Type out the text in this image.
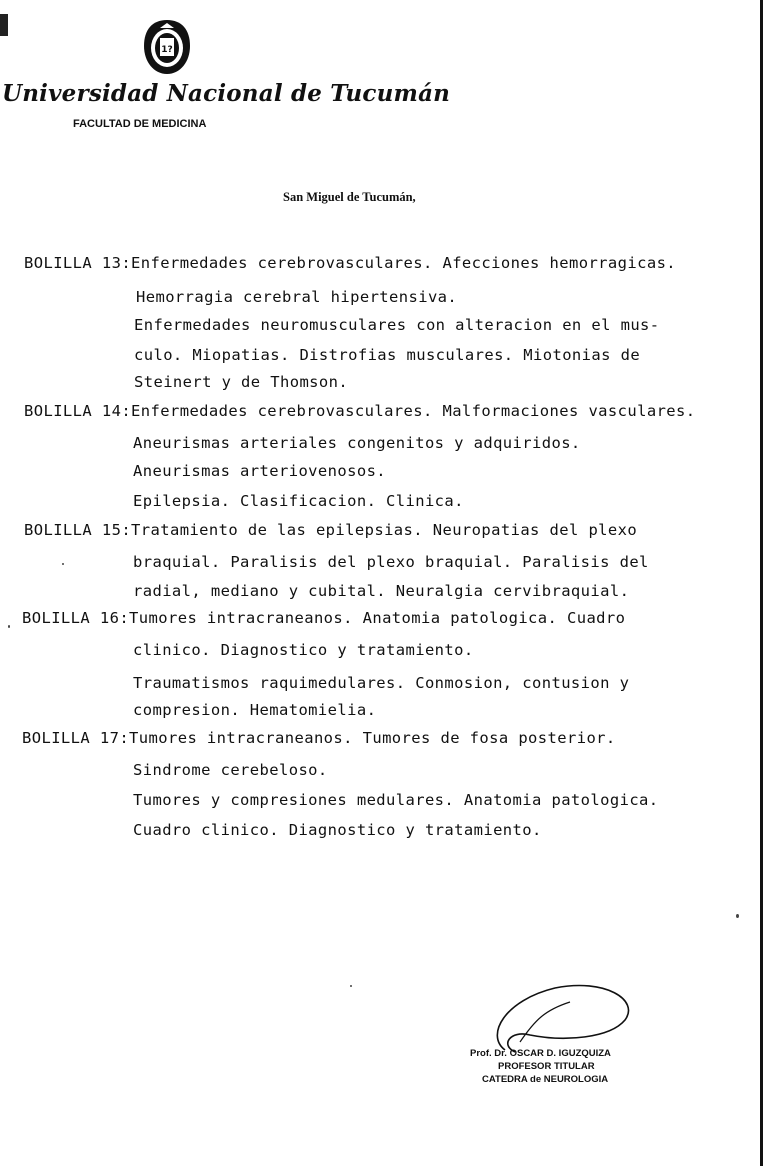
1?
Universidad Nacional de Tucumán
FACULTAD DE MEDICINA
San Miguel de Tucumán,
BOLILLA 13:Enfermedades cerebrovasculares. Afecciones hemorragicas.
Hemorragia cerebral hipertensiva.
Enfermedades neuromusculares con alteracion en el mus-
culo. Miopatias. Distrofias musculares. Miotonias de
Steinert y de Thomson.
BOLILLA 14:Enfermedades cerebrovasculares. Malformaciones vasculares.
Aneurismas arteriales congenitos y adquiridos.
Aneurismas arteriovenosos.
Epilepsia. Clasificacion. Clinica.
BOLILLA 15:Tratamiento de las epilepsias. Neuropatias del plexo
braquial. Paralisis del plexo braquial. Paralisis del
radial, mediano y cubital. Neuralgia cervibraquial.
BOLILLA 16:Tumores intracraneanos. Anatomia patologica. Cuadro
clinico. Diagnostico y tratamiento.
Traumatismos raquimedulares. Conmosion, contusion y
compresion. Hematomielia.
BOLILLA 17:Tumores intracraneanos. Tumores de fosa posterior.
Sindrome cerebeloso.
Tumores y compresiones medulares. Anatomia patologica.
Cuadro clinico. Diagnostico y tratamiento.
Prof. Dr. OSCAR D. IGUZQUIZA
PROFESOR TITULAR
CATEDRA de NEUROLOGIA
